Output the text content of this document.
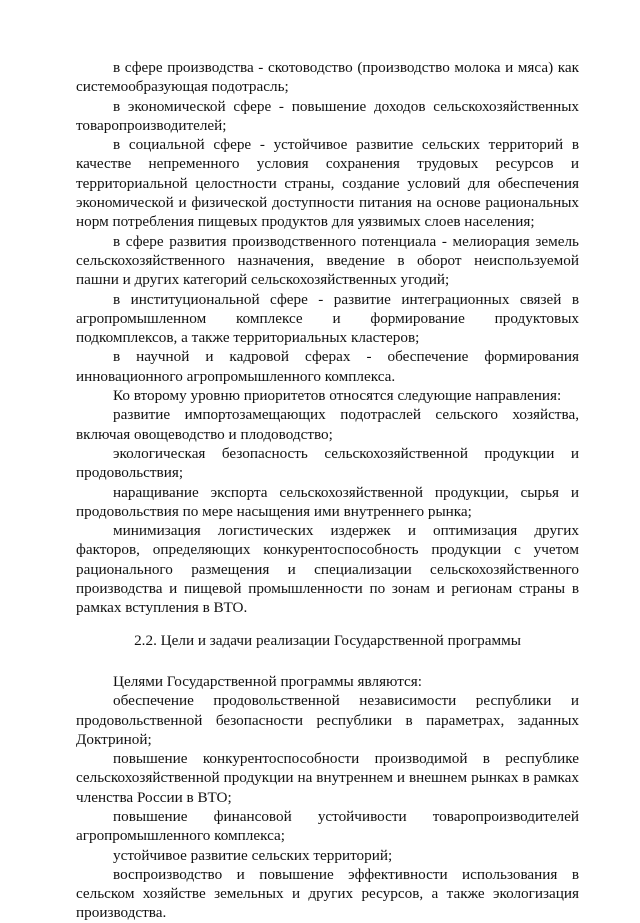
в сфере производства - скотоводство (производство молока и мяса) как системообразующая подотрасль;

в экономической сфере - повышение доходов сельскохозяйственных товаропроизводителей;

в социальной сфере - устойчивое развитие сельских территорий в качестве непременного условия сохранения трудовых ресурсов и территориальной целостности страны, создание условий для обеспечения экономической и физической доступности питания на основе рациональных норм потребления пищевых продуктов для уязвимых слоев населения;

в сфере развития производственного потенциала - мелиорация земель сельскохозяйственного назначения, введение в оборот неиспользуемой пашни и других категорий сельскохозяйственных угодий;

в институциональной сфере - развитие интеграционных связей в агропромышленном комплексе и формирование продуктовых подкомплексов, а также территориальных кластеров;

в научной и кадровой сферах - обеспечение формирования инновационного агропромышленного комплекса.

Ко второму уровню приоритетов относятся следующие направления:

развитие импортозамещающих подотраслей сельского хозяйства, включая овощеводство и плодоводство;

экологическая безопасность сельскохозяйственной продукции и продовольствия;

наращивание экспорта сельскохозяйственной продукции, сырья и продовольствия по мере насыщения ими внутреннего рынка;

минимизация логистических издержек и оптимизация других факторов, определяющих конкурентоспособность продукции с учетом рационального размещения и специализации сельскохозяйственного производства и пищевой промышленности по зонам и регионам страны в рамках вступления в ВТО.

2.2. Цели и задачи реализации Государственной программы

Целями Государственной программы являются:

обеспечение продовольственной независимости республики и продовольственной безопасности республики в параметрах, заданных Доктриной;

повышение конкурентоспособности производимой в республике сельскохозяйственной продукции на внутреннем и внешнем рынках в рамках членства России в ВТО;

повышение финансовой устойчивости товаропроизводителей агропромышленного комплекса;

устойчивое развитие сельских территорий;

воспроизводство и повышение эффективности использования в сельском хозяйстве земельных и других ресурсов, а также экологизация производства.
